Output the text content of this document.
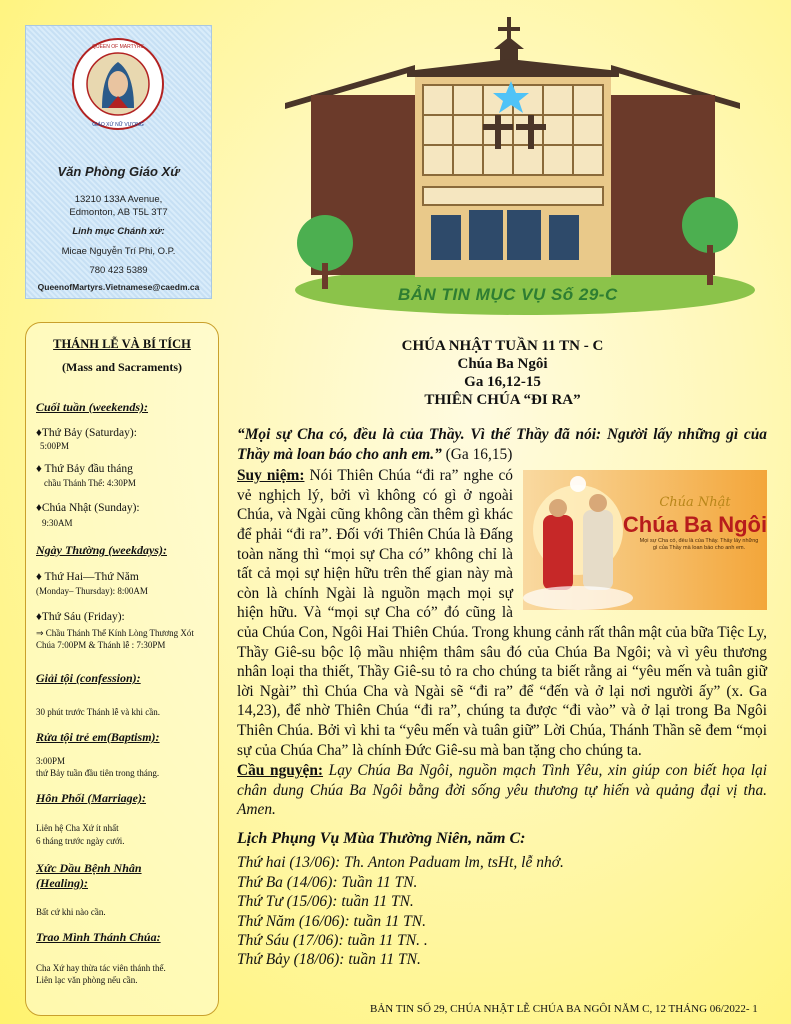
QUEEN OF MARTYRS
GIÁO XỨ NỮ VƯƠNG
Văn Phòng Giáo Xứ
13210 133A Avenue,
Edmonton, AB T5L 3T7
Linh mục Chánh xứ:
Micae Nguyễn Trí Phi, O.P.
780 423 5389
QueenofMartyrs.Vietnamese@caedm.ca
THÁNH LỄ VÀ BÍ TÍCH
(Mass and Sacraments)
Cuối tuần (weekends):
♦Thứ Bảy (Saturday):
5:00PM
♦ Thứ Bảy đầu tháng
chầu Thánh Thể: 4:30PM
♦Chúa Nhật (Sunday):
9:30AM
Ngày Thường (weekdays):
♦ Thứ Hai—Thứ Năm
(Monday– Thursday): 8:00AM
♦Thứ Sáu (Friday):
⇒ Chầu Thánh Thể Kính Lòng Thương Xót Chúa 7:00PM & Thánh lễ : 7:30PM
Giải tội (confession):
30 phút trước Thánh lễ và khi cần.
Rửa tội trẻ em(Baptism):
3:00PM
thứ Bảy tuần đầu tiên trong tháng.
Hôn Phối (Marriage):
Liên hệ Cha Xứ ít nhất
6 tháng trước ngày cưới.
Xức Dầu Bệnh Nhân
(Healing):
Bất cứ khi nào cần.
Trao Mình Thánh Chúa:
Cha Xứ hay thừa tác viên thánh thể.
Liên lạc văn phòng nếu cần.
BẢN TIN MỤC VỤ Số 29-C
CHÚA NHẬT TUẦN 11 TN - C
Chúa Ba Ngôi
Ga 16,12-15
THIÊN CHÚA “ĐI RA”
“Mọi sự Cha có, đều là của Thầy. Vì thế Thầy đã nói: Người lấy những gì của Thầy mà loan báo cho anh em.” (Ga 16,15)
Chúa Nhật
Chúa Ba Ngôi
Mọi sự Cha có, đều là của Thầy. Thầy lấy những gì của Thầy mà loan báo cho anh em.
Suy niệm: Nói Thiên Chúa “đi ra” nghe có vẻ nghịch lý, bởi vì không có gì ở ngoài Chúa, và Ngài cũng không cần thêm gì khác để phải “đi ra”. Đối với Thiên Chúa là Đấng toàn năng thì “mọi sự Cha có” không chỉ là tất cả mọi sự hiện hữu trên thế gian này mà còn là chính Ngài là nguồn mạch mọi sự hiện hữu. Và “mọi sự Cha có” đó cũng là của Chúa Con, Ngôi Hai Thiên Chúa. Trong khung cảnh rất thân mật của bữa Tiệc Ly, Thầy Giê-su bộc lộ mầu nhiệm thâm sâu đó của Chúa Ba Ngôi; và vì yêu thương nhân loại tha thiết, Thầy Giê-su tỏ ra cho chúng ta biết rằng ai “yêu mến và tuân giữ lời Ngài” thì Chúa Cha và Ngài sẽ “đi ra” để “đến và ở lại nơi người ấy” (x. Ga 14,23), để nhờ Thiên Chúa “đi ra”, chúng ta được “đi vào” và ở lại trong Ba Ngôi Thiên Chúa. Bởi vì khi ta “yêu mến và tuân giữ” Lời Chúa, Thánh Thần sẽ đem “mọi sự của Chúa Cha” là chính Đức Giê-su mà ban tặng cho chúng ta.
Cầu nguyện: Lạy Chúa Ba Ngôi, nguồn mạch Tình Yêu, xin giúp con biết họa lại chân dung Chúa Ba Ngôi bằng đời sống yêu thương tự hiến và quảng đại vị tha. Amen.
Lịch Phụng Vụ Mùa Thường Niên, năm C:
Thứ hai (13/06): Th. Anton Paduam lm, tsHt, lễ nhớ.
Thứ Ba (14/06): Tuần 11 TN.
Thứ Tư (15/06): tuần 11 TN.
Thứ Năm (16/06): tuần 11 TN.
Thứ Sáu (17/06): tuần 11 TN. .
Thứ Bảy (18/06): tuần 11 TN.
BẢN TIN SỐ 29, CHÚA NHẬT LỄ CHÚA BA NGÔI NĂM C, 12 THÁNG 06/2022- 1
